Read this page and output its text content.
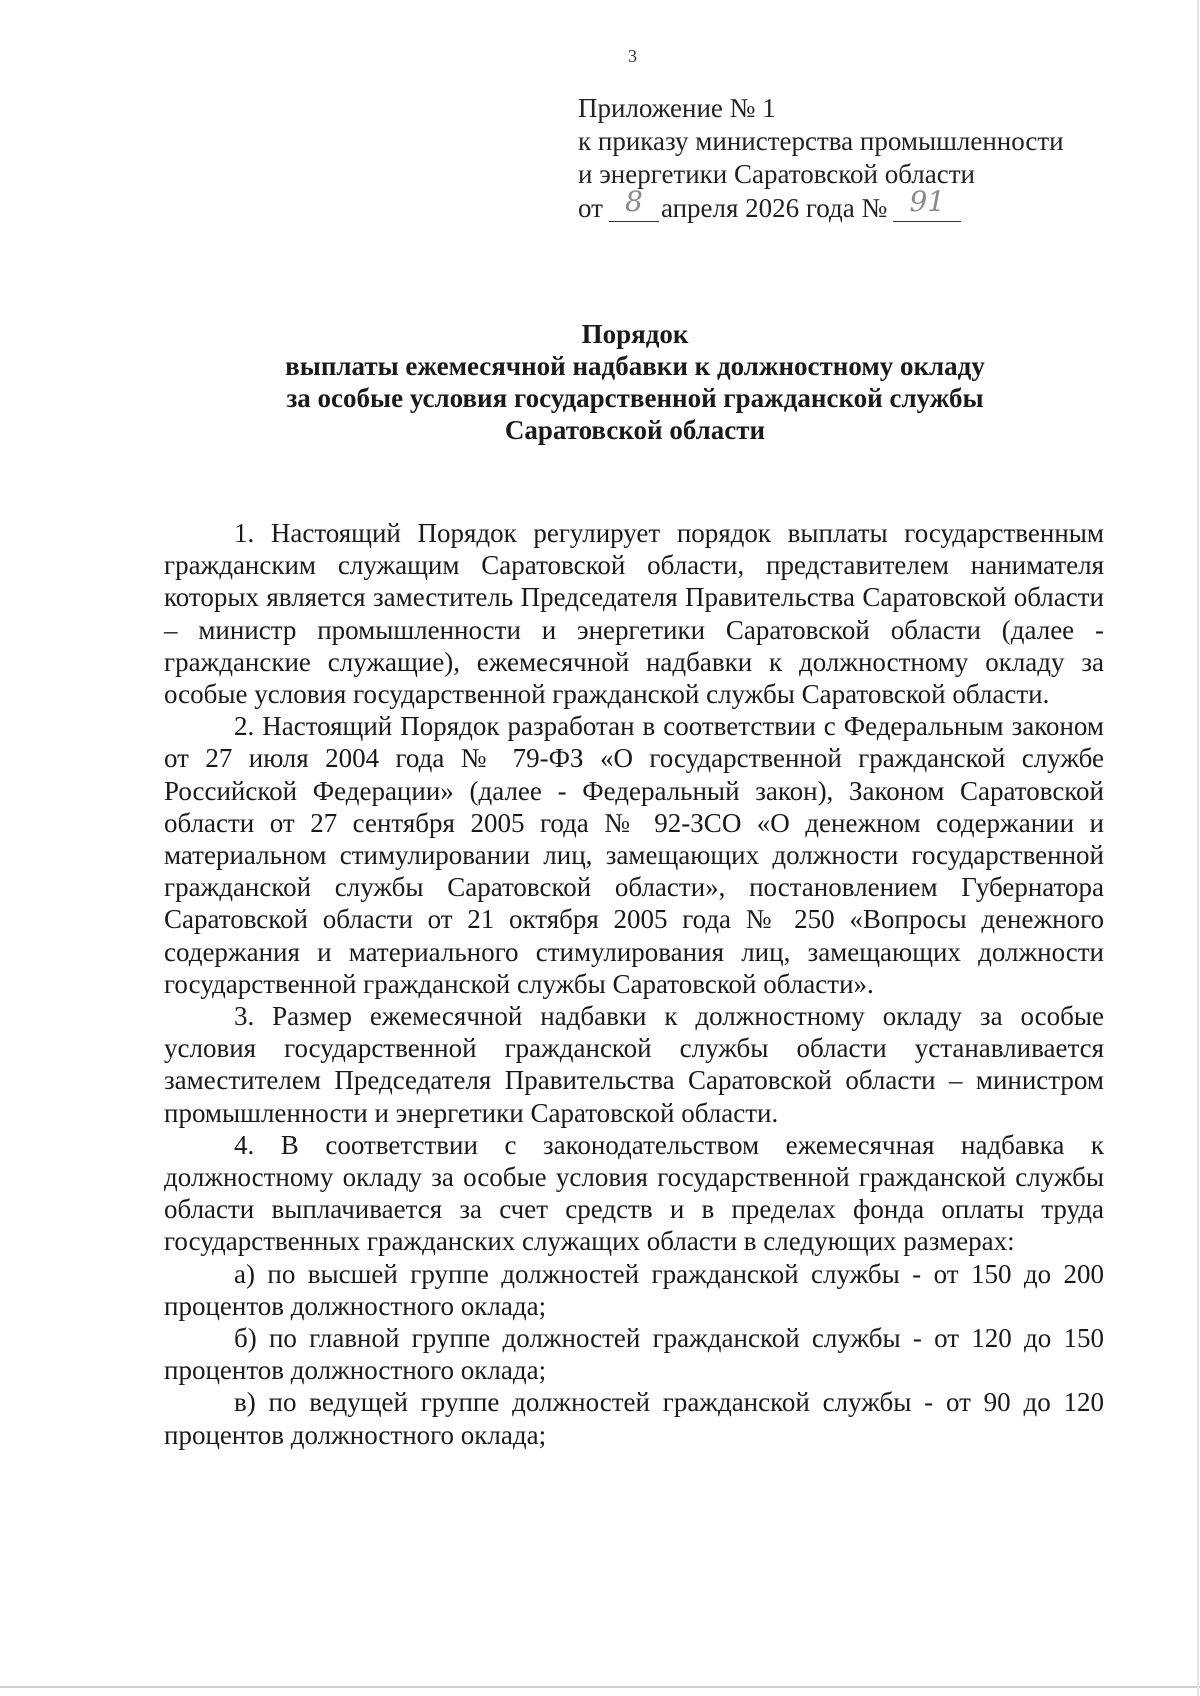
3
Приложение № 1
к приказу министерства промышленности
и энергетики Саратовской области
от 8 апреля 2026 года № 91
Порядок
выплаты ежемесячной надбавки к должностному окладу
за особые условия государственной гражданской службы
Саратовской области

1. Настоящий Порядок регулирует порядок выплаты государственным гражданским служащим Саратовской области, представителем нанимателя которых является заместитель Председателя Правительства Саратовской области – министр промышленности и энергетики Саратовской области (далее - гражданские служащие), ежемесячной надбавки к должностному окладу за особые условия государственной гражданской службы Саратовской области.

2. Настоящий Порядок разработан в соответствии с Федеральным законом от 27 июля 2004 года № 79-ФЗ «О государственной гражданской службе Российской Федерации» (далее - Федеральный закон), Законом Саратовской области от 27 сентября 2005 года № 92-ЗСО «О денежном содержании и материальном стимулировании лиц, замещающих должности государственной гражданской службы Саратовской области», постановлением Губернатора Саратовской области от 21 октября 2005 года № 250 «Вопросы денежного содержания и материального стимулирования лиц, замещающих должности государственной гражданской службы Саратовской области».

3. Размер ежемесячной надбавки к должностному окладу за особые условия государственной гражданской службы области устанавливается заместителем Председателя Правительства Саратовской области – министром промышленности и энергетики Саратовской области.

4. В соответствии с законодательством ежемесячная надбавка к должностному окладу за особые условия государственной гражданской службы области выплачивается за счет средств и в пределах фонда оплаты труда государственных гражданских служащих области в следующих размерах:

а) по высшей группе должностей гражданской службы - от 150 до 200 процентов должностного оклада;

б) по главной группе должностей гражданской службы - от 120 до 150 процентов должностного оклада;

в) по ведущей группе должностей гражданской службы - от 90 до 120 процентов должностного оклада;
